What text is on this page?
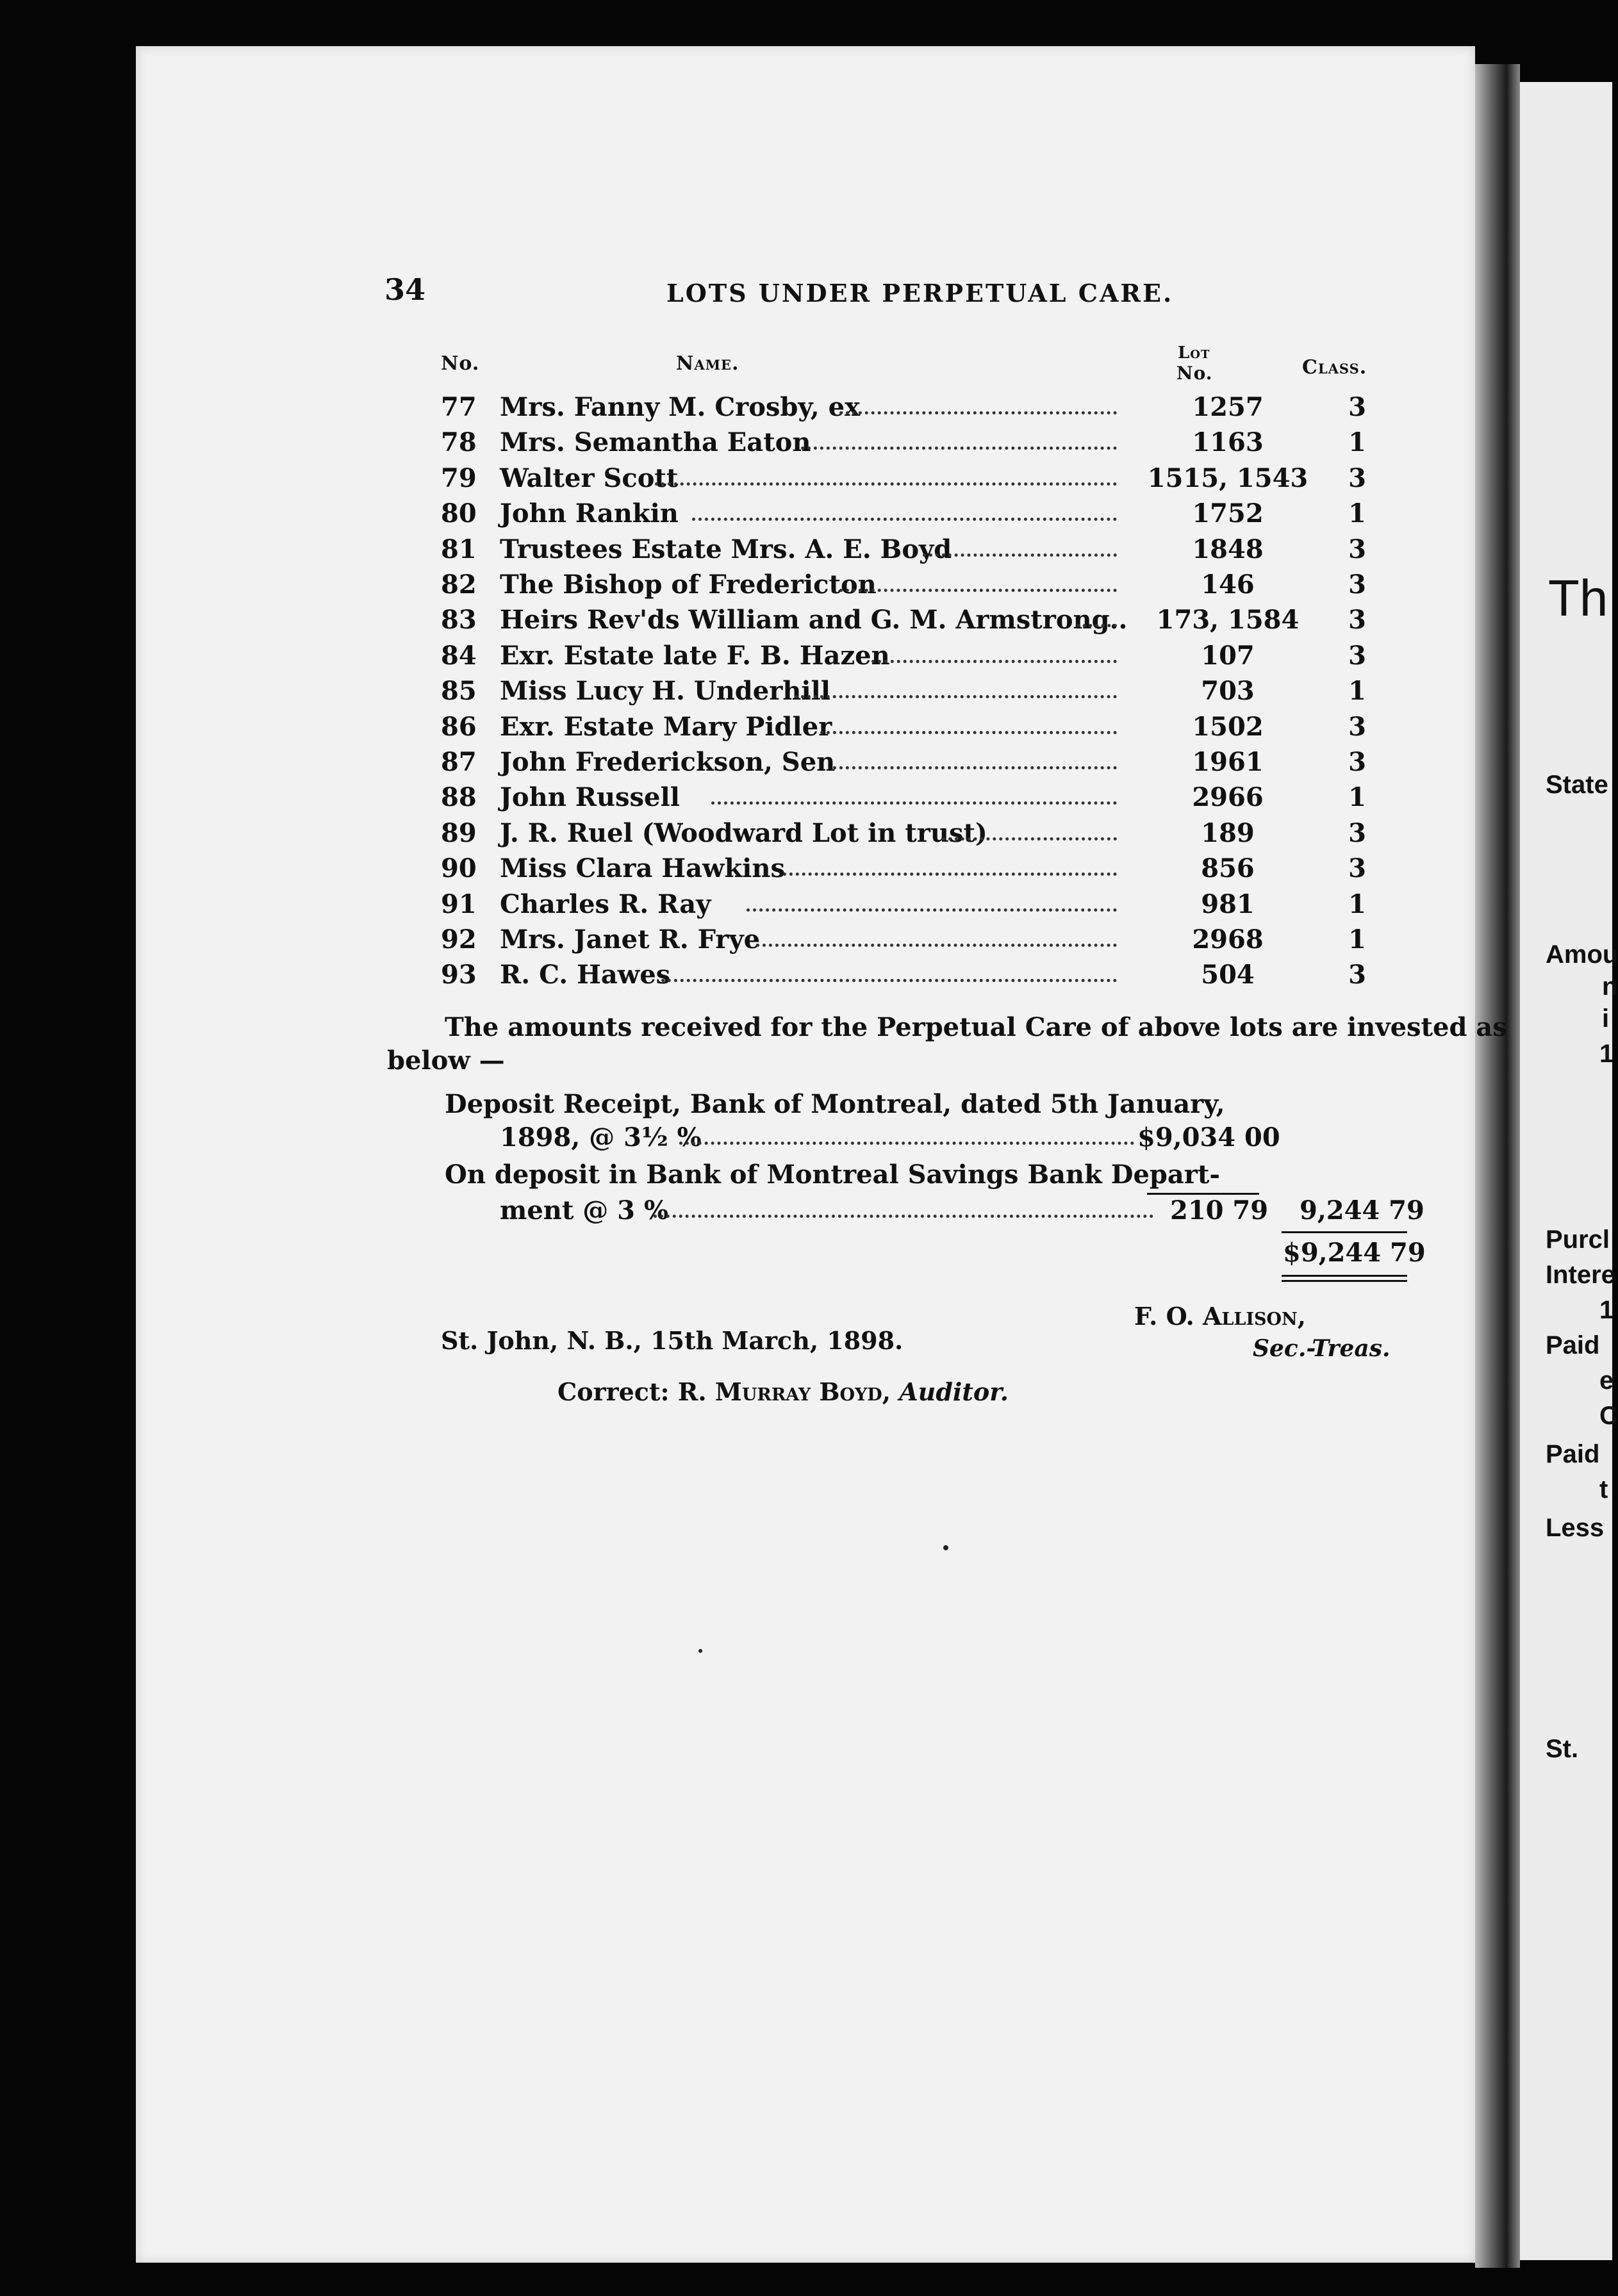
Th
State
Amou
n
i
1
Purcl
Intere
1
Paid
e
C
Paid
t
Less
St.
34	LOTS UNDER PERPETUAL CARE.
No.	Name.	Lot
No.	Class.
77 Mrs. Fanny M. Crosby, ex	1257	3
78 Mrs. Semantha Eaton	1163	1
79 Walter Scott	1515, 1543	3
80 John Rankin	1752	1
81 Trustees Estate Mrs. A. E. Boyd	1848	3
82 The Bishop of Fredericton	146	3
83 Heirs Rev'ds William and G. M. Armstrong..	173, 1584	3
84 Exr. Estate late F. B. Hazen	107	3
85 Miss Lucy H. Underhill	703	1
86 Exr. Estate Mary Pidler	1502	3
87 John Frederickson, Sen	1961	3
88 John Russell	2966	1
89 J. R. Ruel (Woodward Lot in trust)	189	3
90 Miss Clara Hawkins	856	3
91 Charles R. Ray	981	1
92 Mrs. Janet R. Frye	2968	1
93 R. C. Hawes	504	3
The amounts received for the Perpetual Care of above lots are invested as
below —
Deposit Receipt, Bank of Montreal, dated 5th January,
1898, @ 3½ %	$9,034 00
On deposit in Bank of Montreal Savings Bank Depart-
ment @ 3 %	210 79 9,244 79
$9,244 79
F. O. Allison,
Sec.-Treas.
St. John, N. B., 15th March, 1898.
Correct: R. Murray Boyd, Auditor.
